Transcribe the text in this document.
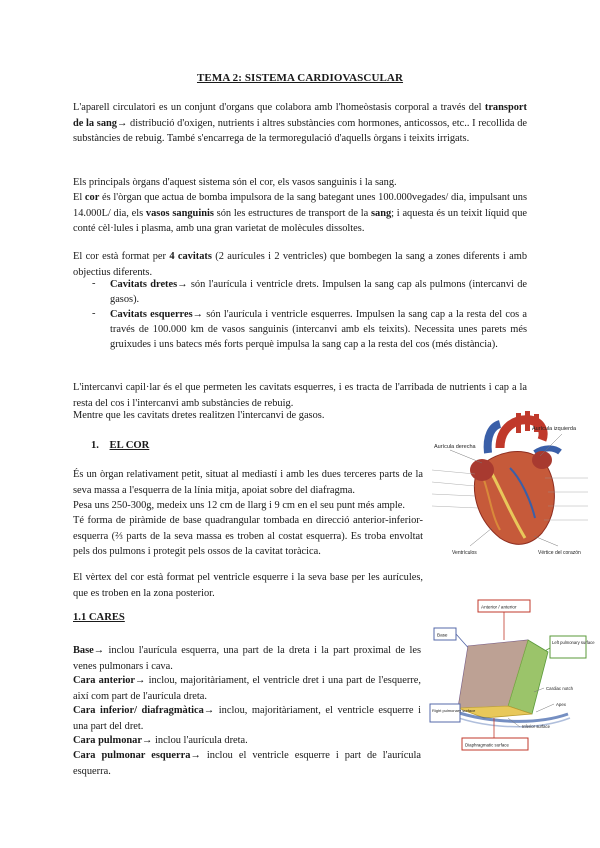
TEMA 2: SISTEMA CARDIOVASCULAR

L'aparell circulatori es un conjunt d'organs que colabora amb l'homeòstasis corporal a través del transport de la sang→ distribució d'oxigen, nutrients i altres substàncies com hormones, anticossos, etc.. I recollida de substàncies de rebuig. També s'encarrega de la termoregulació d'aquells òrgans i teixits irrigats.

Els principals òrgans d'aquest sistema són el cor, els vasos sanguinis i la sang.

El cor és l'òrgan que actua de bomba impulsora de la sang bategant unes 100.000vegades/ dia, impulsant uns 14.000L/ dia, els vasos sanguinis són les estructures de transport de la sang; i aquesta és un teixit líquid que conté cèl·lules i plasma, amb una gran varietat de molècules dissoltes.

El cor està format per 4 cavitats (2 aurícules i 2 ventricles) que bombegen la sang a zones diferents i amb objectius diferents.

- Cavitats dretes→ són l'aurícula i ventricle drets. Impulsen la sang cap als pulmons (intercanvi de gasos).
- Cavitats esquerres→ són l'aurícula i ventricle esquerres. Impulsen la sang cap a la resta del cos a través de 100.000 km de vasos sanguinis (intercanvi amb els teixits). Necessita unes parets més gruixudes i uns batecs més forts perquè impulsa la sang cap a la resta del cos (més distància).

L'intercanvi capil·lar és el que permeten les cavitats esquerres, i es tracta de l'arribada de nutrients i cap a la resta del cos i l'intercanvi amb substàncies de rebuig.

Mentre que les cavitats dretes realitzen l'intercanvi de gasos.

1. EL COR

És un òrgan relativament petit, situat al mediastí i amb les dues terceres parts de la seva massa a l'esquerra de la línia mitja, apoiat sobre del diafragma.

Pesa uns 250-300g, medeix uns 12 cm de llarg i 9 cm en el seu punt més ample.

Té forma de piràmide de base quadrangular tombada en direcció anterior-inferior-esquerra (⅔ parts de la seva massa es troben al costat esquerra). Es troba envoltat pels dos pulmons i protegit pels ossos de la cavitat toràcica.

El vèrtex del cor està format pel ventricle esquerre i la seva base per les aurícules, que es troben en la zona posterior.

Aurícula derecha
Aurícula izquierda
Ventrículos	Vértice del corazón
1.1 CARES

Base→ inclou l'aurícula esquerra, una part de la dreta i la part proximal de les venes pulmonars i cava.

Cara anterior→ inclou, majoritàriament, el ventricle dret i una part de l'esquerre, així com part de l'aurícula dreta.

Cara inferior/ diafragmàtica→ inclou, majoritàriament, el ventricle esquerre i una part del dret.

Cara pulmonar→ inclou l'aurícula dreta.

Cara pulmonar esquerra→ inclou el ventricle esquerre i part de l'aurícula esquerra.

Anterior / anterior
Base
Left pulmonary surface
Right pulmonary surface
Cardiac notch
Apex
Inferior surface
Diaphragmatic surface
